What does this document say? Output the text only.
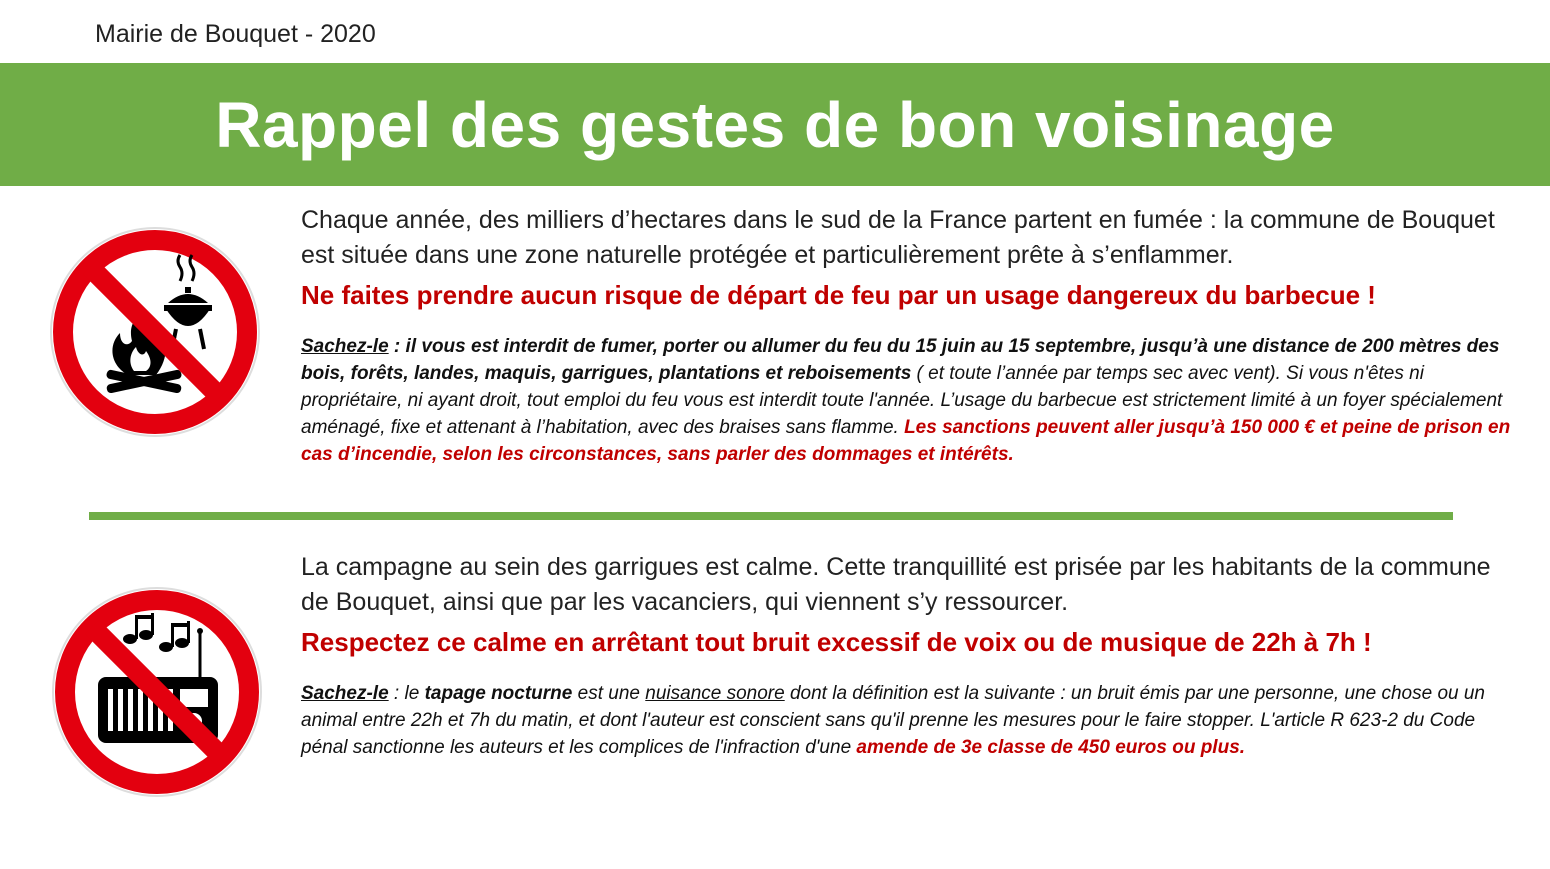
Mairie de Bouquet - 2020
Rappel des gestes de bon voisinage

Chaque année, des milliers d’hectares dans le sud de la France partent en fumée : la commune de Bouquet est située dans une zone naturelle protégée et particulièrement prête à s’enflammer.

Ne faites prendre aucun risque de départ de feu par un usage dangereux du barbecue !

Sachez-le : il vous est interdit de fumer, porter ou allumer du feu du 15 juin au 15 septembre, jusqu’à une distance de 200 mètres des bois, forêts, landes, maquis, garrigues, plantations et reboisements ( et toute l’année par temps sec avec vent). Si vous n'êtes ni propriétaire, ni ayant droit, tout emploi du feu vous est interdit toute l'année. L’usage du barbecue est strictement limité à un foyer spécialement aménagé, fixe et attenant à l’habitation, avec des braises sans flamme. Les sanctions peuvent aller jusqu’à 150 000 € et peine de prison en cas d’incendie, selon les circonstances, sans parler des dommages et intérêts.

La campagne au sein des garrigues est calme. Cette tranquillité est prisée par les habitants de la commune de Bouquet, ainsi que par les vacanciers, qui viennent s’y ressourcer.

Respectez ce calme en arrêtant tout bruit excessif de voix ou de musique de 22h à 7h !

Sachez-le : le tapage nocturne est une nuisance sonore dont la définition est la suivante : un bruit émis par une personne, une chose ou un animal entre 22h et 7h du matin, et dont l'auteur est conscient sans qu'il prenne les mesures pour le faire stopper. L'article R 623-2 du Code pénal sanctionne les auteurs et les complices de l'infraction d'une amende de 3e classe de 450 euros ou plus.
